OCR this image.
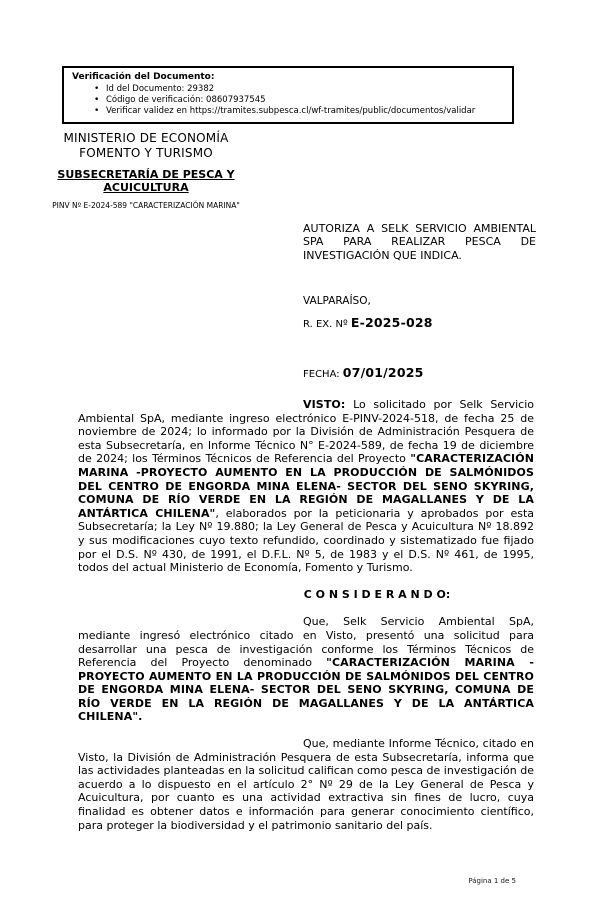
Verificación del Documento:
• Id del Documento: 29382
• Código de verificación: 08607937545
• Verificar validez en https://tramites.subpesca.cl/wf-tramites/public/documentos/validar
MINISTERIO DE ECONOMÍA
FOMENTO Y TURISMO
SUBSECRETARÍA DE PESCA Y ACUICULTURA
PINV Nº E-2024-589 "CARACTERIZACIÓN MARINA"
AUTORIZA A SELK SERVICIO AMBIENTAL SPA PARA REALIZAR PESCA DE INVESTIGACIÓN QUE INDICA.
VALPARAÍSO,
R. EX. Nº E-2025-028
FECHA: 07/01/2025

VISTO: Lo solicitado por Selk Servicio Ambiental SpA, mediante ingreso electrónico E-PINV-2024-518, de fecha 25 de noviembre de 2024; lo informado por la División de Administración Pesquera de esta Subsecretaría, en Informe Técnico N° E-2024-589, de fecha 19 de diciembre de 2024; los Términos Técnicos de Referencia del Proyecto "CARACTERIZACIÓN MARINA -PROYECTO AUMENTO EN LA PRODUCCIÓN DE SALMÓNIDOS DEL CENTRO DE ENGORDA MINA ELENA- SECTOR DEL SENO SKYRING, COMUNA DE RÍO VERDE EN LA REGIÓN DE MAGALLANES Y DE LA ANTÁRTICA CHILENA", elaborados por la peticionaria y aprobados por esta Subsecretaría; la Ley Nº 19.880; la Ley General de Pesca y Acuicultura Nº 18.892 y sus modificaciones cuyo texto refundido, coordinado y sistematizado fue fijado por el D.S. Nº 430, de 1991, el D.F.L. Nº 5, de 1983 y el D.S. Nº 461, de 1995, todos del actual Ministerio de Economía, Fomento y Turismo.

C O N S I D E R A N D O:

Que, Selk Servicio Ambiental SpA, mediante ingresó electrónico citado en Visto, presentó una solicitud para desarrollar una pesca de investigación conforme los Términos Técnicos de Referencia del Proyecto denominado "CARACTERIZACIÓN MARINA - PROYECTO AUMENTO EN LA PRODUCCIÓN DE SALMÓNIDOS DEL CENTRO DE ENGORDA MINA ELENA- SECTOR DEL SENO SKYRING, COMUNA DE RÍO VERDE EN LA REGIÓN DE MAGALLANES Y DE LA ANTÁRTICA CHILENA".

Que, mediante Informe Técnico, citado en Visto, la División de Administración Pesquera de esta Subsecretaría, informa que las actividades planteadas en la solicitud califican como pesca de investigación de acuerdo a lo dispuesto en el artículo 2° Nº 29 de la Ley General de Pesca y Acuicultura, por cuanto es una actividad extractiva sin fines de lucro, cuya finalidad es obtener datos e información para generar conocimiento científico, para proteger la biodiversidad y el patrimonio sanitario del país.

Página 1 de 5
